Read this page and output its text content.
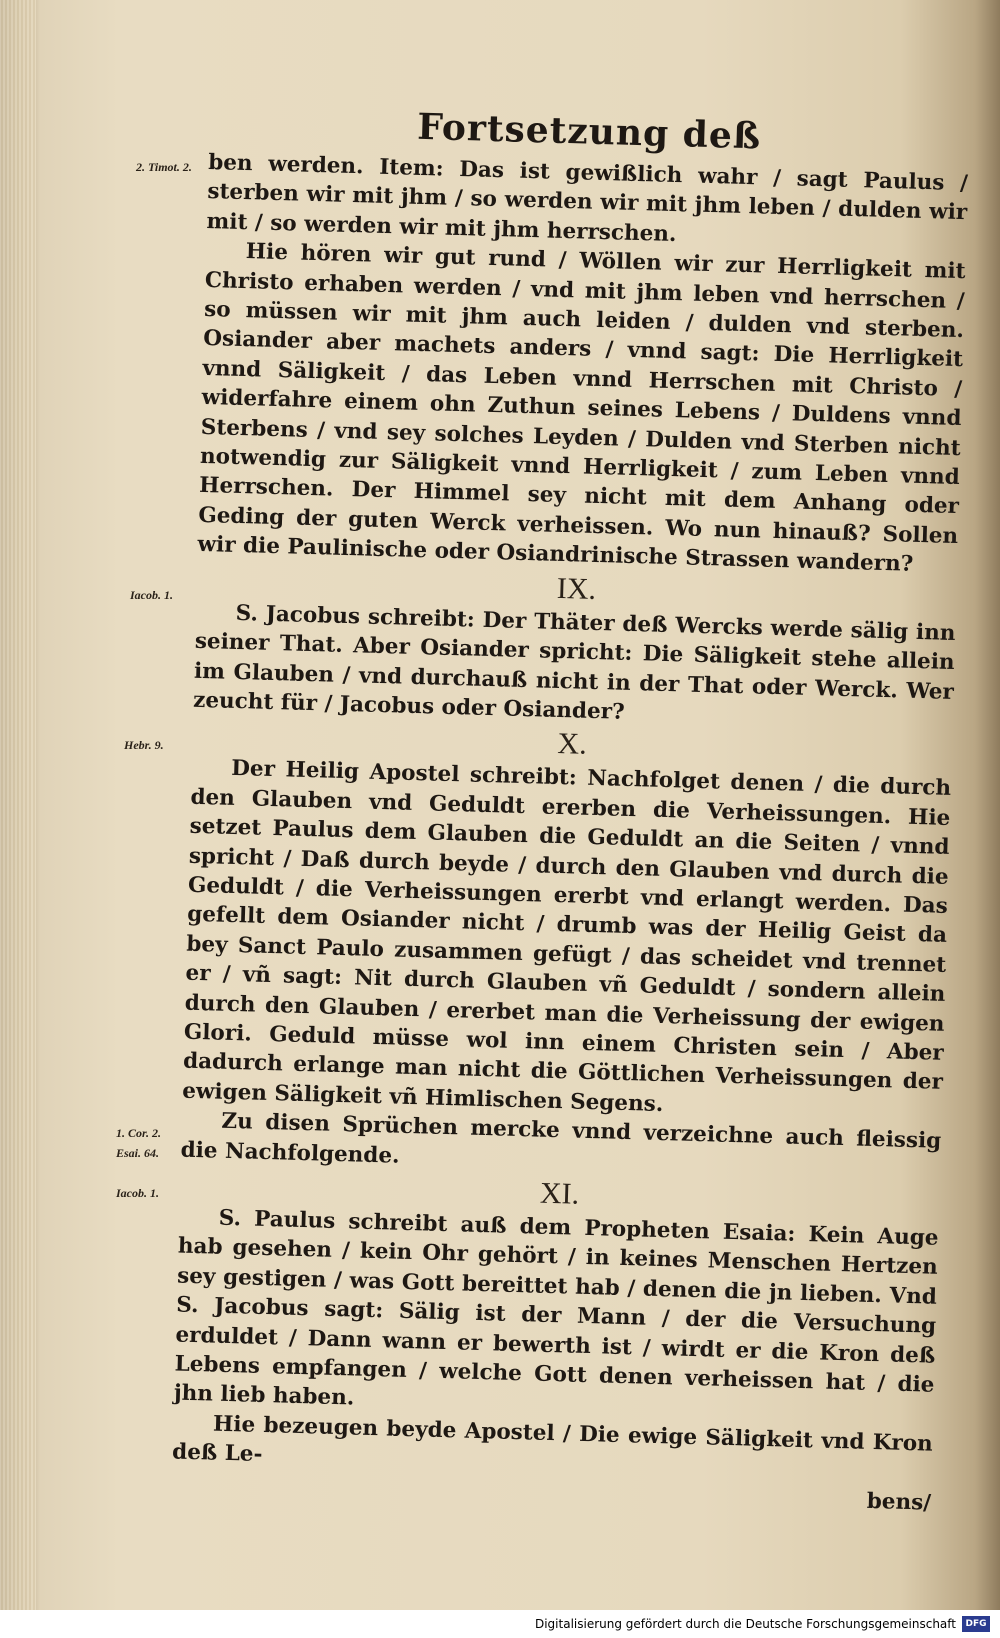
2. Timot. 2.
Iacob. 1.
Hebr. 9.
1. Cor. 2.
Esai. 64.
Iacob. 1.
Fortsetzung deß

ben werden. Item: Das ist gewißlich wahr / sagt Paulus / sterben wir mit jhm / so werden wir mit jhm leben / dulden wir mit / so werden wir mit jhm herrschen.

Hie hören wir gut rund / Wöllen wir zur Herrligkeit mit Christo erhaben werden / vnd mit jhm leben vnd herrschen / so müssen wir mit jhm auch leiden / dulden vnd sterben. Osiander aber machets anders / vnnd sagt: Die Herrligkeit vnnd Säligkeit / das Leben vnnd Herrschen mit Christo / widerfahre einem ohn Zuthun seines Lebens / Duldens vnnd Sterbens / vnd sey solches Leyden / Dulden vnd Sterben nicht notwendig zur Säligkeit vnnd Herrligkeit / zum Leben vnnd Herrschen. Der Himmel sey nicht mit dem Anhang oder Geding der guten Werck verheissen. Wo nun hinauß? Sollen wir die Paulinische oder Osiandrinische Strassen wandern?

IX.

S. Jacobus schreibt: Der Thäter deß Wercks werde sälig inn seiner That. Aber Osiander spricht: Die Säligkeit stehe allein im Glauben / vnd durchauß nicht in der That oder Werck. Wer zeucht für / Jacobus oder Osiander?

X.

Der Heilig Apostel schreibt: Nachfolget denen / die durch den Glauben vnd Geduldt ererben die Verheissungen. Hie setzet Paulus dem Glauben die Geduldt an die Seiten / vnnd spricht / Daß durch beyde / durch den Glauben vnd durch die Geduldt / die Verheissungen ererbt vnd erlangt werden. Das gefellt dem Osiander nicht / drumb was der Heilig Geist da bey Sanct Paulo zusammen gefügt / das scheidet vnd trennet er / vñ sagt: Nit durch Glauben vñ Geduldt / sondern allein durch den Glauben / ererbet man die Verheissung der ewigen Glori. Geduld müsse wol inn einem Christen sein / Aber dadurch erlange man nicht die Göttlichen Verheissungen der ewigen Säligkeit vñ Himlischen Segens.

Zu disen Sprüchen mercke vnnd verzeichne auch fleissig die Nachfolgende.

XI.

S. Paulus schreibt auß dem Propheten Esaia: Kein Auge hab gesehen / kein Ohr gehört / in keines Menschen Hertzen sey gestigen / was Gott bereittet hab / denen die jn lieben. Vnd S. Jacobus sagt: Sälig ist der Mann / der die Versuchung erduldet / Dann wann er bewerth ist / wirdt er die Kron deß Lebens empfangen / welche Gott denen verheissen hat / die jhn lieb haben.

Hie bezeugen beyde Apostel / Die ewige Säligkeit vnd Kron deß Le-

bens/
Digitalisierung gefördert durch die Deutsche Forschungsgemeinschaft	DFG
